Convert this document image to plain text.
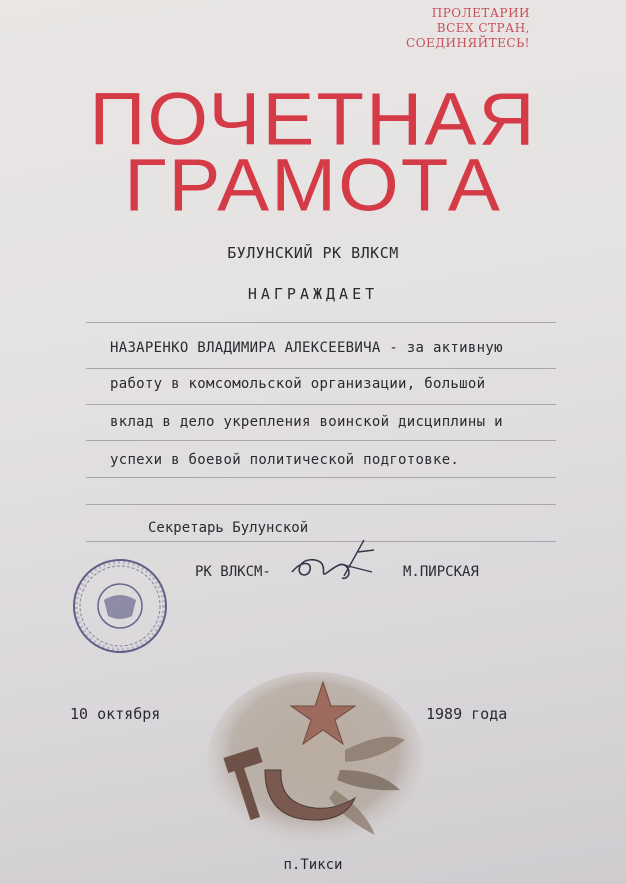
ПРОЛЕТАРИИ
ВСЕХ СТРАН,
СОЕДИНЯЙТЕСЬ!
ПОЧЕТНАЯ
ГРАМОТА
БУЛУНСКИЙ РК ВЛКСМ
НАГРАЖДАЕТ
НАЗАРЕНКО ВЛАДИМИРА АЛЕКСЕЕВИЧА - за активную
работу в комсомольской организации, большой
вклад в дело укрепления воинской дисциплины и
успехи в боевой политической подготовке.
Секретарь Булунской
РК ВЛКСМ-	М.ПИРСКАЯ
10 октября	1989 года
п.Тикси
